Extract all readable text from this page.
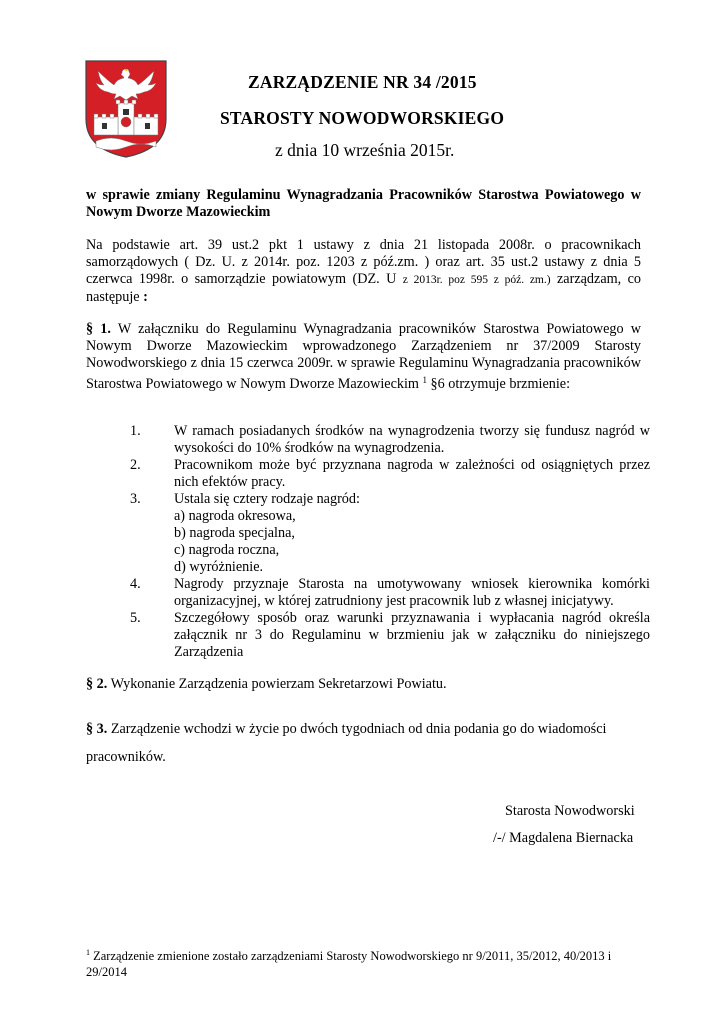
ZARZĄDZENIE NR 34 /2015
STAROSTY NOWODWORSKIEGO
z dnia 10 września 2015r.
w sprawie zmiany Regulaminu Wynagradzania Pracowników Starostwa Powiatowego w Nowym Dworze Mazowieckim
Na podstawie art. 39 ust.2 pkt 1 ustawy z dnia 21 listopada 2008r. o pracownikach samorządowych ( Dz. U. z 2014r. poz. 1203 z póź.zm. ) oraz art. 35 ust.2 ustawy z dnia 5 czerwca 1998r. o samorządzie powiatowym (DZ. U z 2013r. poz 595 z póź. zm.) zarządzam, co następuje :
§ 1. W załączniku do Regulaminu Wynagradzania pracowników Starostwa Powiatowego w Nowym Dworze Mazowieckim wprowadzonego Zarządzeniem nr 37/2009 Starosty Nowodworskiego z dnia 15 czerwca 2009r. w sprawie Regulaminu Wynagradzania pracowników Starostwa Powiatowego w Nowym Dworze Mazowieckim $^1$ §6 otrzymuje brzmienie:
1. W ramach posiadanych środków na wynagrodzenia tworzy się fundusz nagród w wysokości do 10% środków na wynagrodzenia.
2. Pracownikom może być przyznana nagroda w zależności od osiągniętych przez nich efektów pracy.
3. Ustala się cztery rodzaje nagród:
a) nagroda okresowa,
b) nagroda specjalna,
c) nagroda roczna,
d) wyróżnienie.
4. Nagrody przyznaje Starosta na umotywowany wniosek kierownika komórki organizacyjnej, w której zatrudniony jest pracownik lub z własnej inicjatywy.
5. Szczegółowy sposób oraz warunki przyznawania i wypłacania nagród określa załącznik nr 3 do Regulaminu w brzmieniu jak w załączniku do niniejszego Zarządzenia
§ 2. Wykonanie Zarządzenia powierzam Sekretarzowi Powiatu.
§ 3. Zarządzenie wchodzi w życie po dwóch tygodniach od dnia podania go do wiadomości pracowników.
Starosta Nowodworski
/-/ Magdalena Biernacka
$^1$ Zarządzenie zmienione zostało zarządzeniami Starosty Nowodworskiego nr 9/2011, 35/2012, 40/2013 i 29/2014
